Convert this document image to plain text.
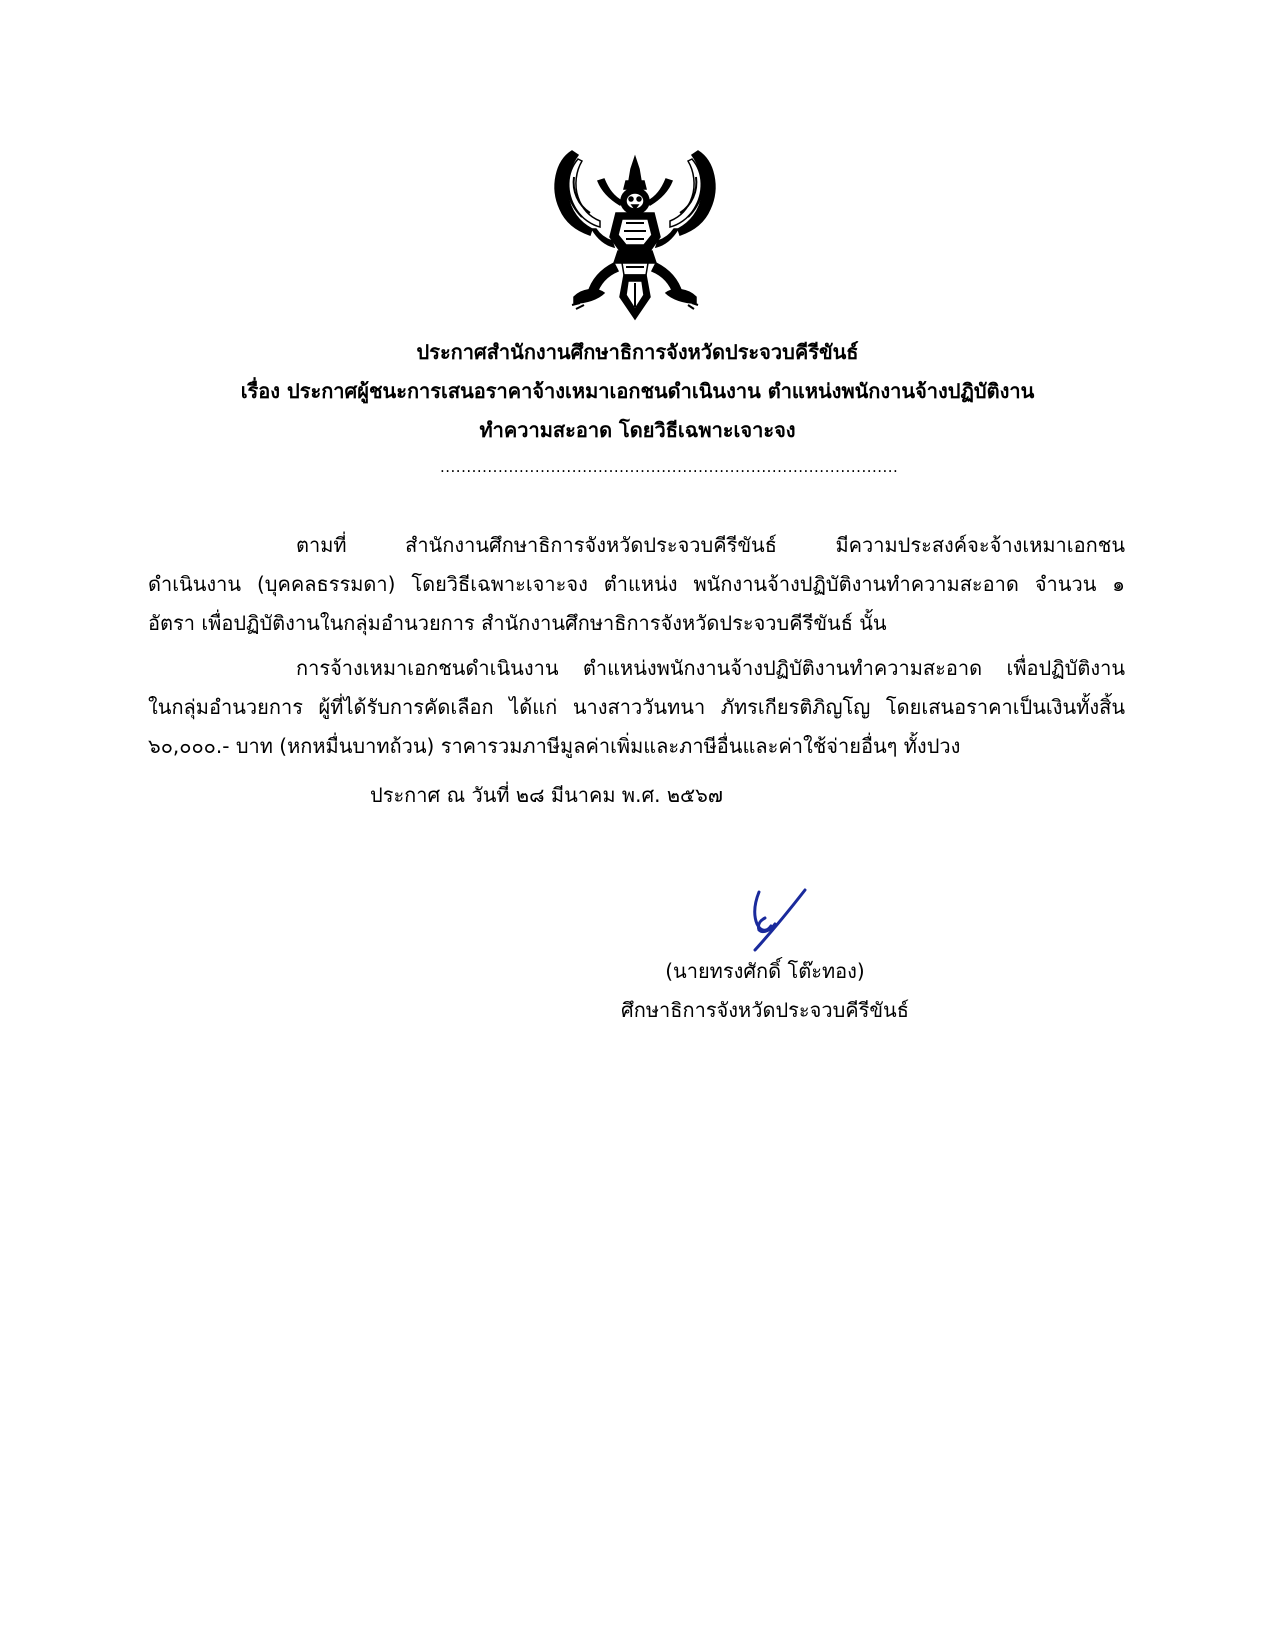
ประกาศสำนักงานศึกษาธิการจังหวัดประจวบคีรีขันธ์
เรื่อง ประกาศผู้ชนะการเสนอราคาจ้างเหมาเอกชนดำเนินงาน ตำแหน่งพนักงานจ้างปฏิบัติงาน
ทำความสะอาด โดยวิธีเฉพาะเจาะจง
.......................................................................................
ตามที่ สำนักงานศึกษาธิการจังหวัดประจวบคีรีขันธ์ มีความประสงค์จะจ้างเหมาเอกชน
ดำเนินงาน (บุคคลธรรมดา) โดยวิธีเฉพาะเจาะจง ตำแหน่ง พนักงานจ้างปฏิบัติงานทำความสะอาด จำนวน ๑
อัตรา เพื่อปฏิบัติงานในกลุ่มอำนวยการ สำนักงานศึกษาธิการจังหวัดประจวบคีรีขันธ์ นั้น
การจ้างเหมาเอกชนดำเนินงาน ตำแหน่งพนักงานจ้างปฏิบัติงานทำความสะอาด เพื่อปฏิบัติงาน
ในกลุ่มอำนวยการ ผู้ที่ได้รับการคัดเลือก ได้แก่ นางสาววันทนา ภัทรเกียรติภิญโญ โดยเสนอราคาเป็นเงินทั้งสิ้น
๖๐,๐๐๐.- บาท (หกหมื่นบาทถ้วน) ราคารวมภาษีมูลค่าเพิ่มและภาษีอื่นและค่าใช้จ่ายอื่นๆ ทั้งปวง
ประกาศ ณ วันที่ ๒๘ มีนาคม พ.ศ. ๒๕๖๗
(นายทรงศักดิ์ โต๊ะทอง)
ศึกษาธิการจังหวัดประจวบคีรีขันธ์
